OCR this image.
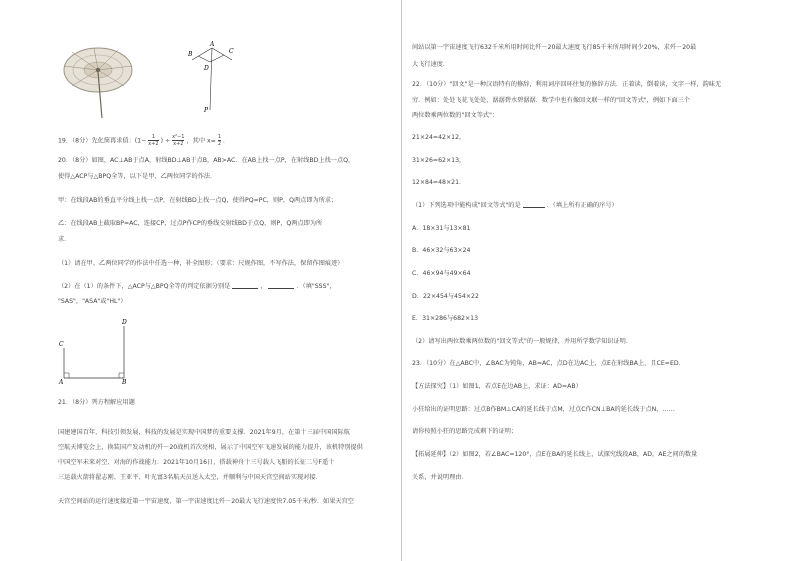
A
B	C
D
P
19．（8分）先化简再求值：($1- \frac{1}{x+2}$ ) ÷ $\frac{\text{x²−1}}{x+2}$ ，其中 $x= \frac{1}{2}$ ．
20．（8分）如图，AC⊥AB于点A，射线BD⊥AB于点B，AB>AC．在AB上找一点P，在射线BD上找一点Q，
使得△ACP与△BPQ全等，以下是甲、乙两位同学的作法．
甲：在线段AB的垂直平分线上找一点P，在射线BD上找一点Q，使得PQ=PC，则P，Q两点即为所求；
乙：在线段AB上截取BP=AC，连接CP，过点P作CP的垂线交射线BD于点Q，则P，Q两点即为所
求．
（1）请在甲、乙两位同学的作法中任选一种，补全图形；（要求：尺规作图，不写作法，保留作图痕迹）
（2）在（1）的条件下，△ACP与△BPQ全等的判定依据分别是	，	．（填"SSS"，
"SAS"，"ASA"或"HL"）
C
A	B
D
21．（8分）列方程解应用题
国建建国百年，科技引领发展，科技的发展是实现中国梦的重要支撑．2021年9月，在第十三届中国国际航
空航天博览会上，换装国产发动机的歼－20战机首次亮相，展示了中国空军飞速发展的能力提升，该机特别提供
中国空军未来对空、对海的作战能力．2021年10月16日，搭载神舟十三号载人飞船的长征二号F遥十
三运载火箭将翟志刚、王亚平、叶光富3名航天员送入太空，并顺利与中国天宫空间站实现对接．
天宫空间站的运行速度接近第一宇宙速度，第一宇宙速度比歼－20最大飞行速度快7.05千米/秒．如果天宫空
间站以第一宇宙速度飞行632千米所用时间比歼－20最大速度飞行85千米所用时间少20%，求歼－20最
大飞行速度．
22．（10分）"回文"是一种汉语特有的修辞，利用词序回环往复的修辞方法．正着读，倒着读，文字一样，韵味无
穷．例如：处处飞花飞处处，潺潺碧水碧潺潺．数学中也有像回文联一样的"回文等式"，例如下面三个
两位数乘两位数的"回文等式"：
21×24=42×12，
31×26=62×13，
12×84=48×21．
（1）下列选项中能构成"回文等式"的是	．（填上所有正确的序号）
A．18×31与13×81
B．46×32与63×24
C．46×94与49×64
D．22×454与454×22
E．31×286与682×13
（2）请写出两位数乘两位数的"回文等式"的一般规律，并用所学数学知识证明．
23．（10分）在△ABC中，∠BAC为钝角，AB=AC，点D在边AC上，点E在射线BA上，且CE=ED．
【方法探究】（1）如图1，若点E在边AB上，求证：AD=AB）
小狂给出的证明思路：过点B作BM⊥CA的延长线于点M，过点C作CN⊥BA的延长线于点N，……
请你按照小狂的思路完成剩下的证明；
【拓展延伸】（2）如图2，若∠BAC=120°，点E在BA的延长线上，试探究线段AB，AD，AE之间的数量
关系，并说明理由．
